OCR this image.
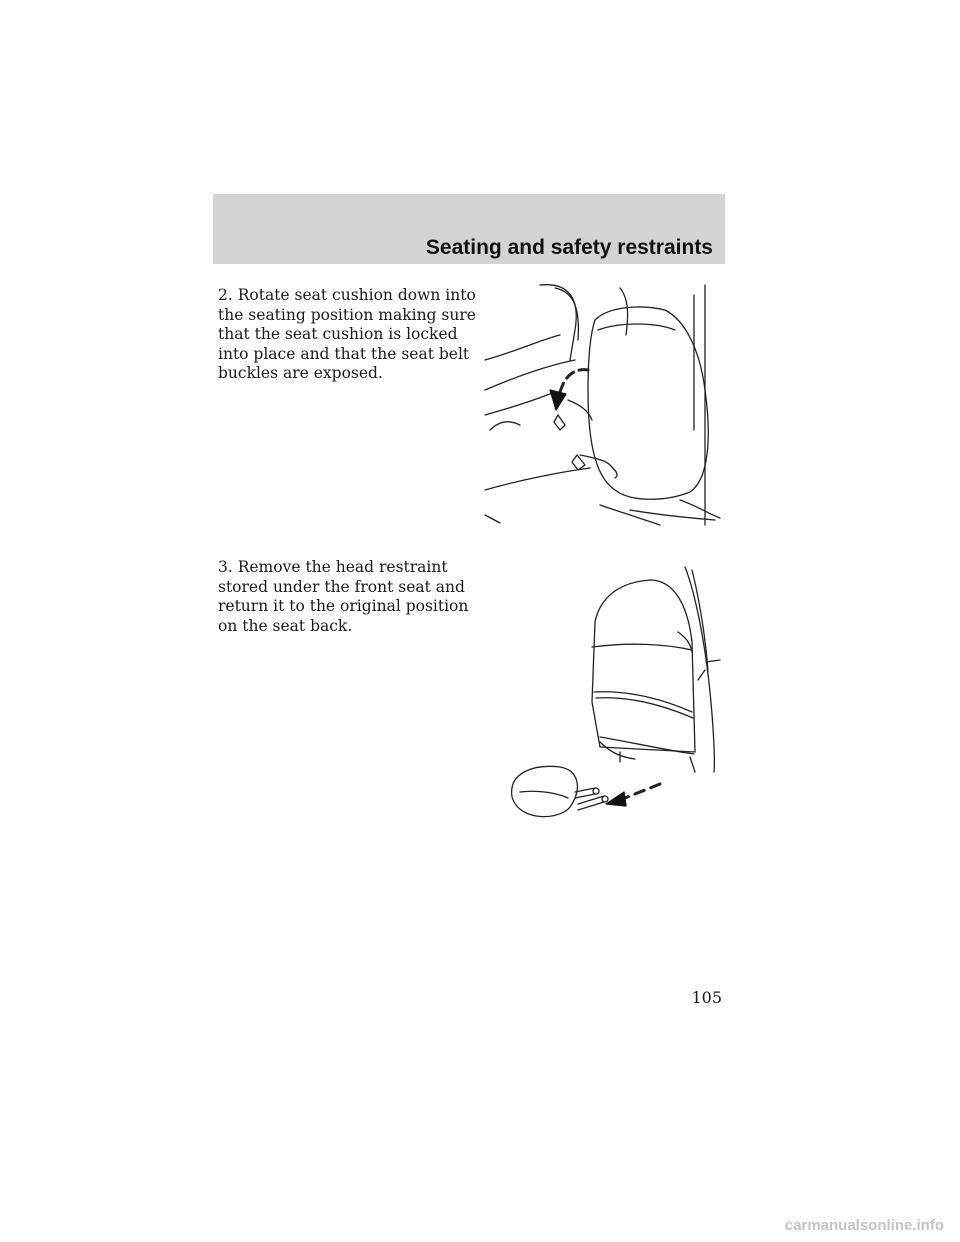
Seating and safety restraints

2. Rotate seat cushion down into the seating position making sure that the seat cushion is locked into place and that the seat belt buckles are exposed.

3. Remove the head restraint stored under the front seat and return it to the original position on the seat back.

105

carmanualsonline.info
